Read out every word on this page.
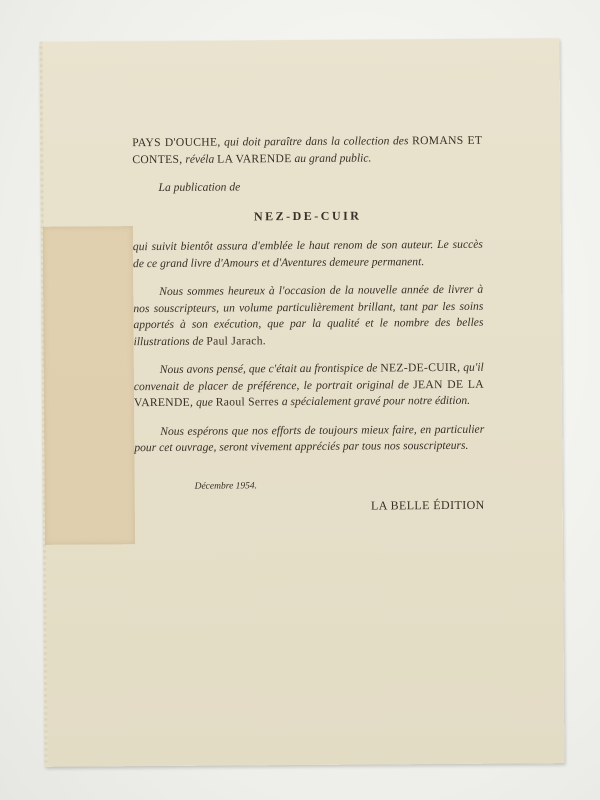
PAYS D'OUCHE, qui doit paraître dans la collection des ROMANS ET CONTES, révéla LA VARENDE au grand public.

La publication de

NEZ-DE-CUIR

qui suivit bientôt assura d'emblée le haut renom de son auteur. Le succès de ce grand livre d'Amours et d'Aventures demeure permanent.

Nous sommes heureux à l'occasion de la nouvelle année de livrer à nos souscripteurs, un volume particulièrement brillant, tant par les soins apportés à son exécution, que par la qualité et le nombre des belles illustrations de Paul Jarach.

Nous avons pensé, que c'était au frontispice de NEZ-DE-CUIR, qu'il convenait de placer de préférence, le portrait original de JEAN DE LA VARENDE, que Raoul Serres a spécialement gravé pour notre édition.

Nous espérons que nos efforts de toujours mieux faire, en particulier pour cet ouvrage, seront vivement appréciés par tous nos souscripteurs.

Décembre 1954.

LA BELLE ÉDITION
